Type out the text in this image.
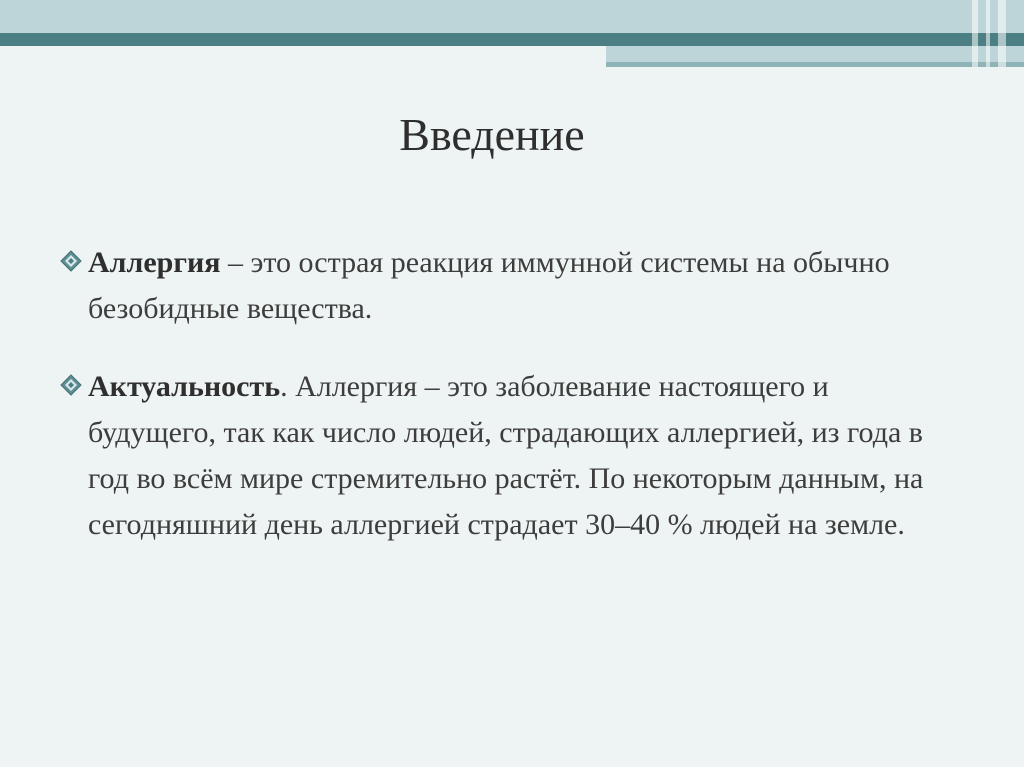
Введение
Аллергия – это острая реакция иммунной системы на обычно безобидные вещества.
Актуальность. Аллергия – это заболевание настоящего и будущего, так как число людей, страдающих аллергией, из года в год во всём мире стремительно растёт. По некоторым данным, на сегодняшний день аллергией страдает 30–40 % людей на земле.
